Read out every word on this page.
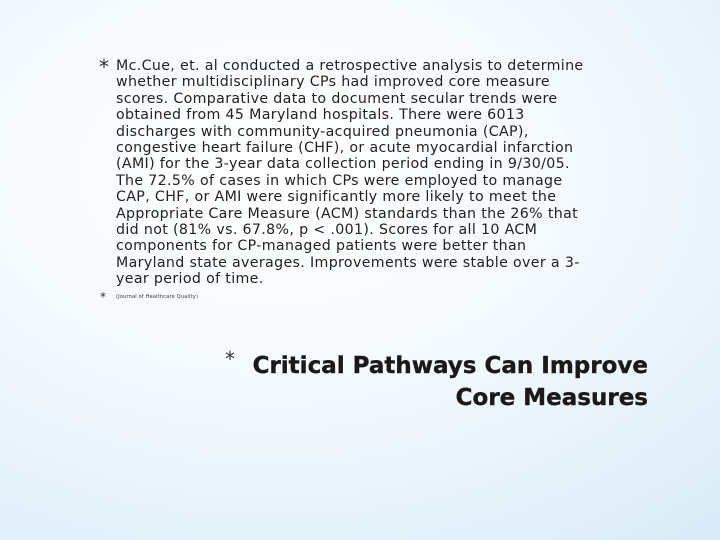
* Mc.Cue, et. al conducted a retrospective analysis to determine whether multidisciplinary CPs had improved core measure scores. Comparative data to document secular trends were obtained from 45 Maryland hospitals. There were 6013 discharges with community-acquired pneumonia (CAP), congestive heart failure (CHF), or acute myocardial infarction (AMI) for the 3-year data collection period ending in 9/30/05. The 72.5% of cases in which CPs were employed to manage CAP, CHF, or AMI were significantly more likely to meet the Appropriate Care Measure (ACM) standards than the 26% that did not (81% vs. 67.8%, p < .001). Scores for all 10 ACM components for CP-managed patients were better than Maryland state averages. Improvements were stable over a 3-year period of time.

* (Journal of Healthcare Quality)
* Critical Pathways Can Improve Core Measures
